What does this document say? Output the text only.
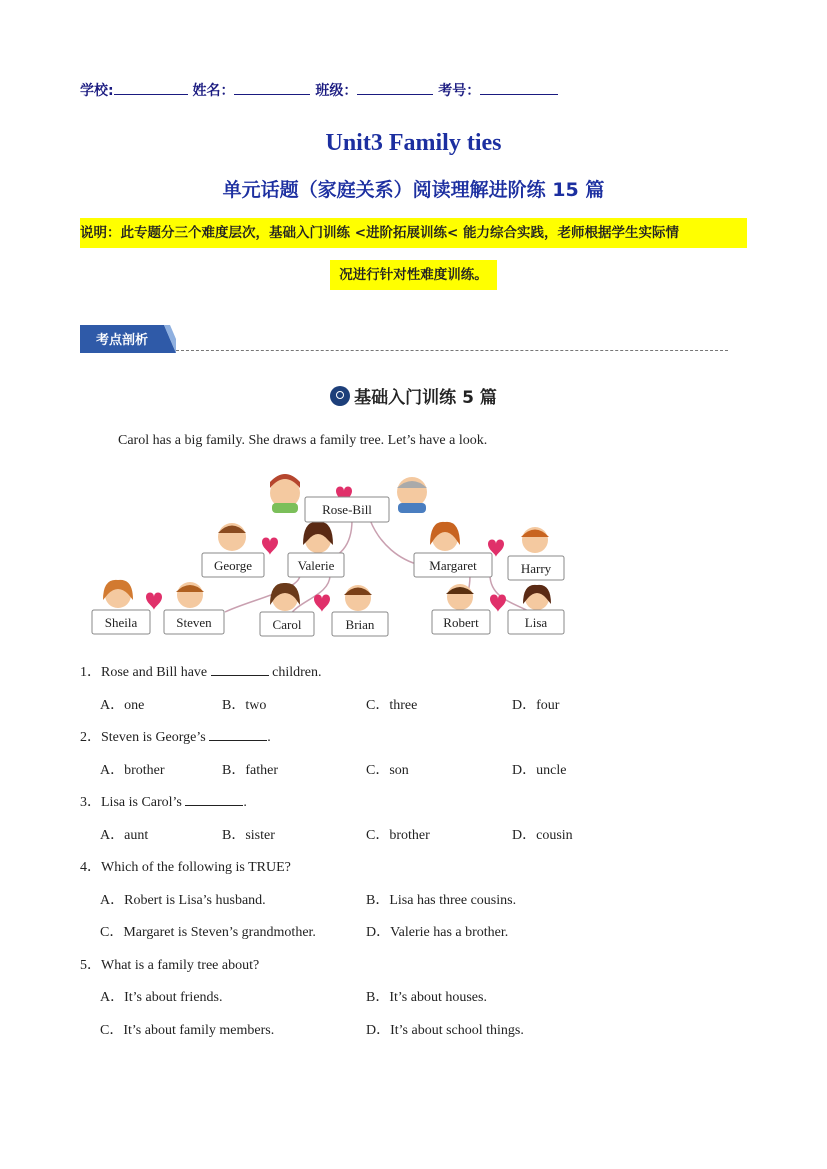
学校:	姓名：	班级：	考号：
Unit3 Family ties
单元话题（家庭关系）阅读理解进阶练 15 篇
说明：此专题分三个难度层次，基础入门训练 <进阶拓展训练< 能力综合实践，老师根据学生实际情
况进行针对性难度训练。
考点剖析
基础入门训练 5 篇
Carol has a big family. She draws a family tree. Let’s have a look.
Rose-Bill
George	Valerie	Margaret	Harry
Sheila	Steven	Carol	Brian	Robert	Lisa
1．Rose and Bill have	children.
A．one	B．two	C．three	D．four
2．Steven is George’s	.
A．brother	B．father	C．son	D．uncle
3．Lisa is Carol’s	.
A．aunt	B．sister	C．brother	D．cousin
4．Which of the following is TRUE?
A．Robert is Lisa’s husband.	B．Lisa has three cousins.
C．Margaret is Steven’s grandmother.	D．Valerie has a brother.
5．What is a family tree about?
A．It’s about friends.	B．It’s about houses.
C．It’s about family members.	D．It’s about school things.
